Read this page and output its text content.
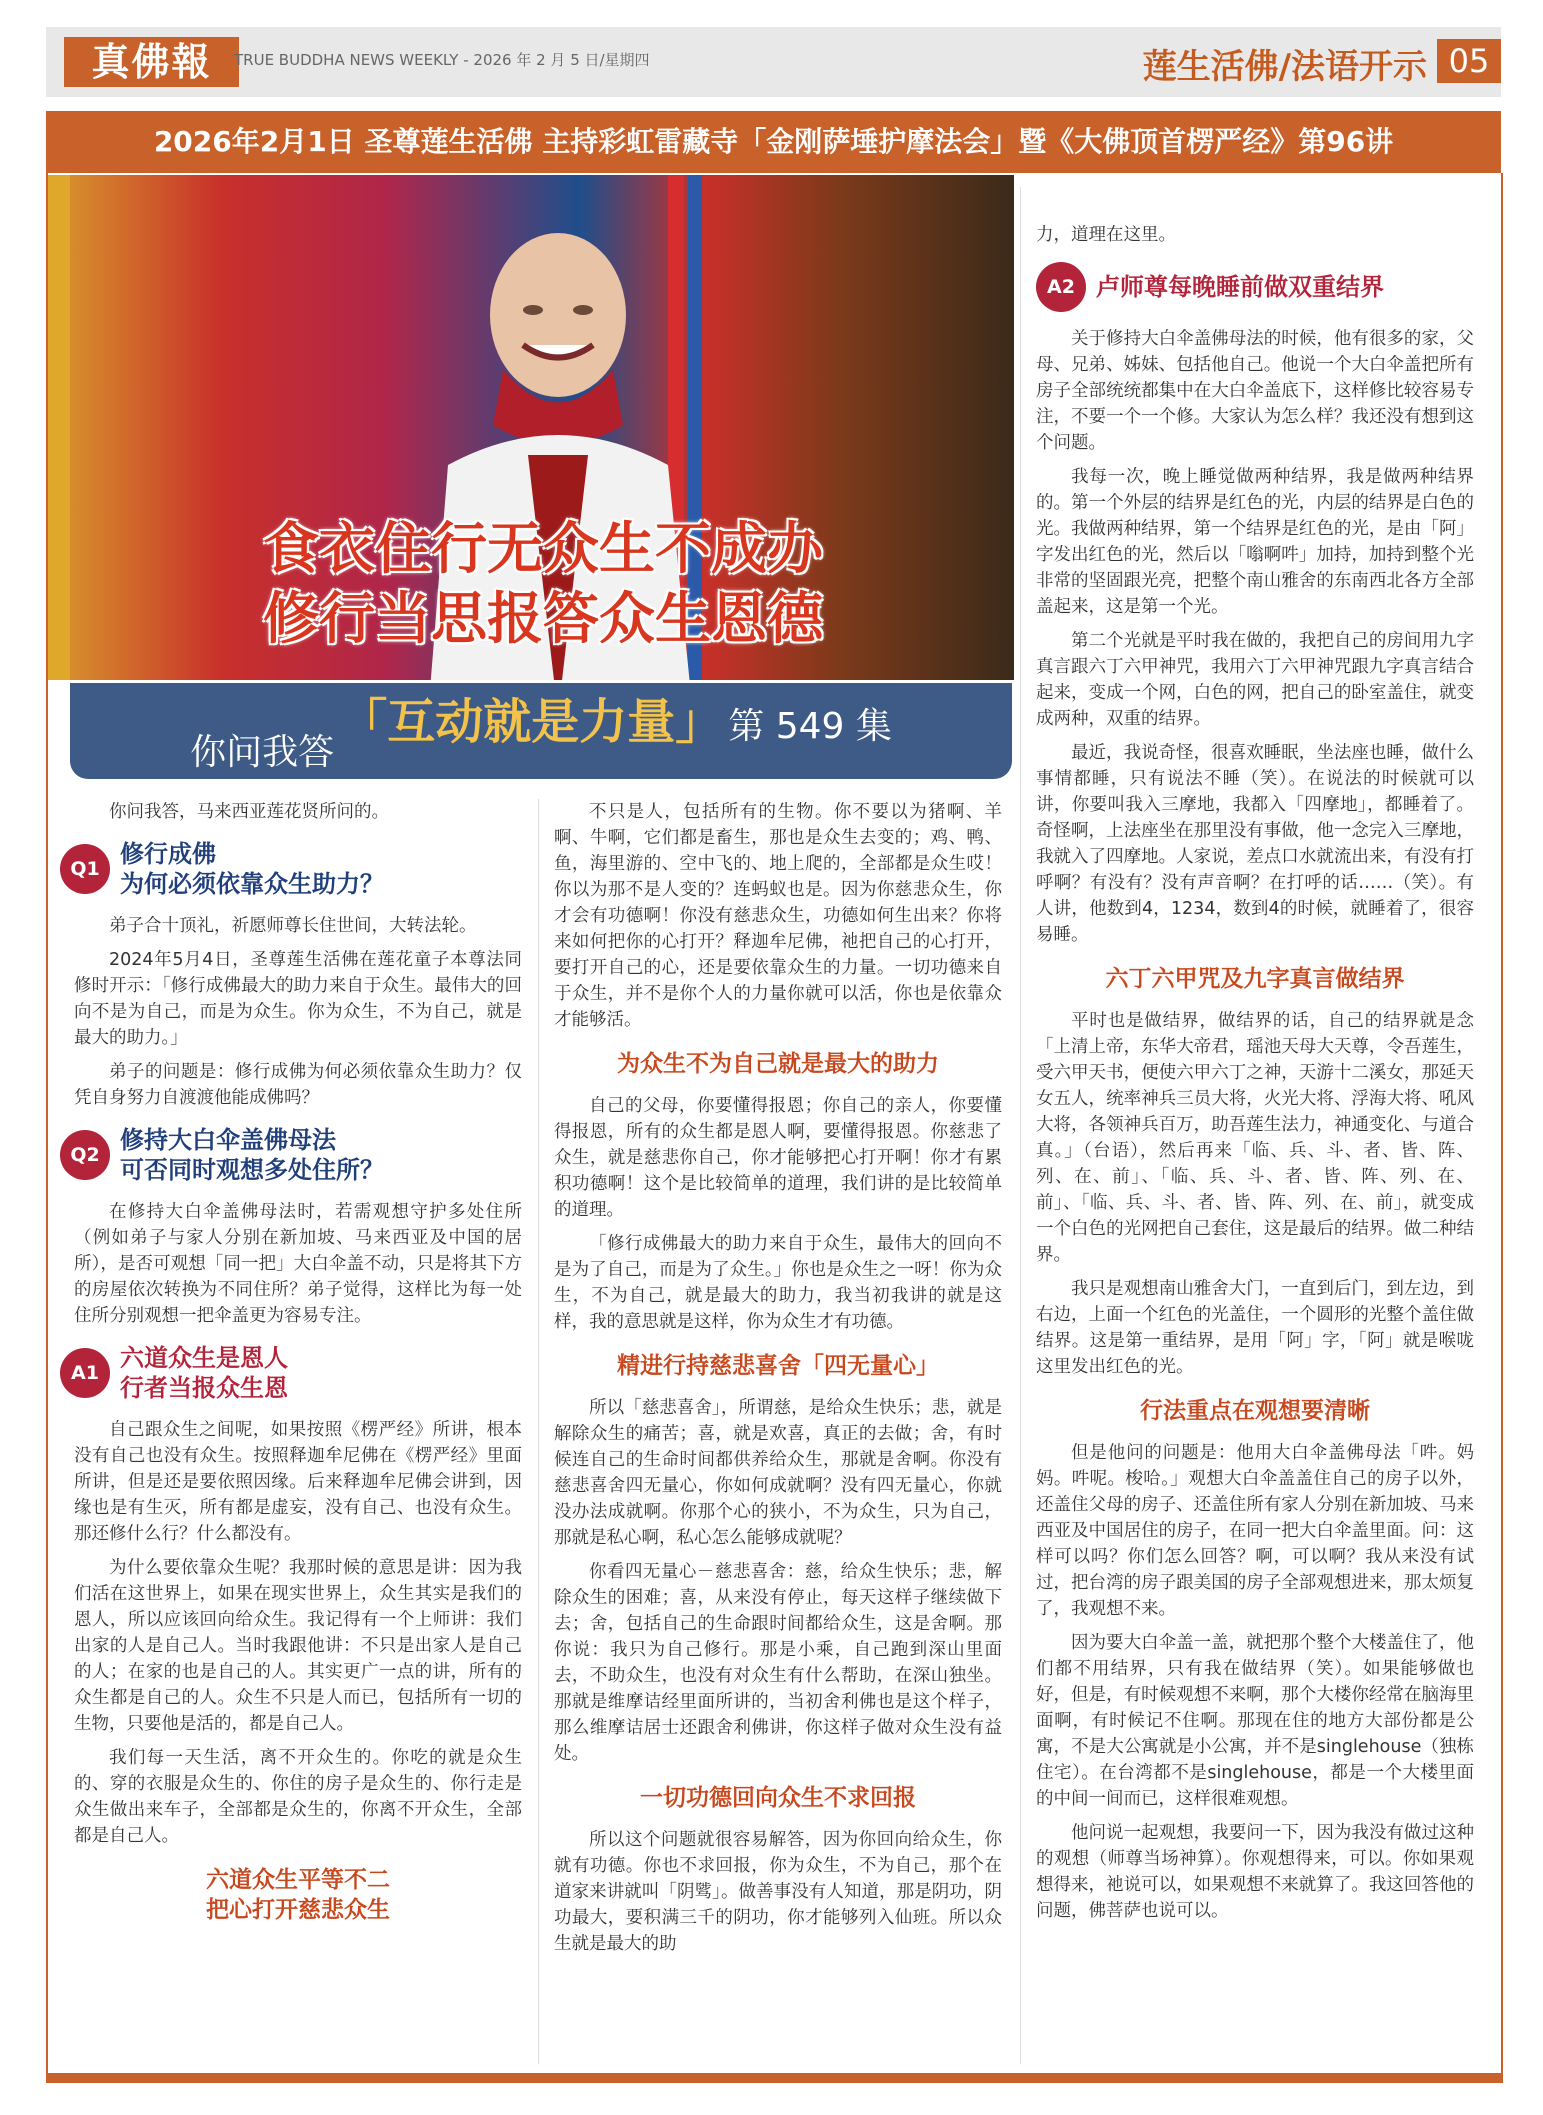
真佛報	TRUE BUDDHA NEWS WEEKLY - 2026 年 2 月 5 日/星期四	莲生活佛/法语开示 05
2026年2月1日 圣尊莲生活佛 主持彩虹雷藏寺「金刚萨埵护摩法会」暨《大佛顶首楞严经》第96讲
食衣住行无众生不成办
修行当思报答众生恩德
你问我答 「互动就是力量」 第 549 集

你问我答，马来西亚莲花贤所问的。

Q1
修行成佛
为何必须依靠众生助力？

弟子合十顶礼，祈愿师尊长住世间，大转法轮。

2024年5月4日，圣尊莲生活佛在莲花童子本尊法同修时开示：「修行成佛最大的助力来自于众生。最伟大的回向不是为自己，而是为众生。你为众生，不为自己，就是最大的助力。」

弟子的问题是：修行成佛为何必须依靠众生助力？仅凭自身努力自渡渡他能成佛吗？

Q2
修持大白伞盖佛母法
可否同时观想多处住所？

在修持大白伞盖佛母法时，若需观想守护多处住所（例如弟子与家人分别在新加坡、马来西亚及中国的居所），是否可观想「同一把」大白伞盖不动，只是将其下方的房屋依次转换为不同住所？弟子觉得，这样比为每一处住所分别观想一把伞盖更为容易专注。

A1
六道众生是恩人
行者当报众生恩

自己跟众生之间呢，如果按照《楞严经》所讲，根本没有自己也没有众生。按照释迦牟尼佛在《楞严经》里面所讲，但是还是要依照因缘。后来释迦牟尼佛会讲到，因缘也是有生灭，所有都是虚妄，没有自己、也没有众生。那还修什么行？什么都没有。

为什么要依靠众生呢？我那时候的意思是讲：因为我们活在这世界上，如果在现实世界上，众生其实是我们的恩人，所以应该回向给众生。我记得有一个上师讲：我们出家的人是自己人。当时我跟他讲：不只是出家人是自己的人；在家的也是自己的人。其实更广一点的讲，所有的众生都是自己的人。众生不只是人而已，包括所有一切的生物，只要他是活的，都是自己人。

我们每一天生活，离不开众生的。你吃的就是众生的、穿的衣服是众生的、你住的房子是众生的、你行走是众生做出来车子，全部都是众生的，你离不开众生，全部都是自己人。

六道众生平等不二
把心打开慈悲众生

不只是人，包括所有的生物。你不要以为猪啊、羊啊、牛啊，它们都是畜生，那也是众生去变的；鸡、鸭、鱼，海里游的、空中飞的、地上爬的，全部都是众生哎！你以为那不是人变的？连蚂蚁也是。因为你慈悲众生，你才会有功德啊！你没有慈悲众生，功德如何生出来？你将来如何把你的心打开？释迦牟尼佛，祂把自己的心打开，要打开自己的心，还是要依靠众生的力量。一切功德来自于众生，并不是你个人的力量你就可以活，你也是依靠众才能够活。

为众生不为自己就是最大的助力

自己的父母，你要懂得报恩；你自己的亲人，你要懂得报恩，所有的众生都是恩人啊，要懂得报恩。你慈悲了众生，就是慈悲你自己，你才能够把心打开啊！你才有累积功德啊！这个是比较简单的道理，我们讲的是比较简单的道理。

「修行成佛最大的助力来自于众生，最伟大的回向不是为了自己，而是为了众生。」你也是众生之一呀！你为众生，不为自己，就是最大的助力，我当初我讲的就是这样，我的意思就是这样，你为众生才有功德。

精进行持慈悲喜舍「四无量心」

所以「慈悲喜舍」，所谓慈，是给众生快乐；悲，就是解除众生的痛苦；喜，就是欢喜，真正的去做；舍，有时候连自己的生命时间都供养给众生，那就是舍啊。你没有慈悲喜舍四无量心，你如何成就啊？没有四无量心，你就没办法成就啊。你那个心的狭小，不为众生，只为自己，那就是私心啊，私心怎么能够成就呢？

你看四无量心－慈悲喜舍：慈，给众生快乐；悲，解除众生的困难；喜，从来没有停止，每天这样子继续做下去；舍，包括自己的生命跟时间都给众生，这是舍啊。那你说：我只为自己修行。那是小乘，自己跑到深山里面去，不助众生，也没有对众生有什么帮助，在深山独坐。那就是维摩诘经里面所讲的，当初舍利佛也是这个样子，那么维摩诘居士还跟舍利佛讲，你这样子做对众生没有益处。

一切功德回向众生不求回报

所以这个问题就很容易解答，因为你回向给众生，你就有功德。你也不求回报，你为众生，不为自己，那个在道家来讲就叫「阴骘」。做善事没有人知道，那是阴功，阴功最大，要积满三千的阴功，你才能够列入仙班。所以众生就是最大的助

力，道理在这里。

A2 卢师尊每晚睡前做双重结界

关于修持大白伞盖佛母法的时候，他有很多的家，父母、兄弟、姊妹、包括他自己。他说一个大白伞盖把所有房子全部统统都集中在大白伞盖底下，这样修比较容易专注，不要一个一个修。大家认为怎么样？我还没有想到这个问题。

我每一次，晚上睡觉做两种结界，我是做两种结界的。第一个外层的结界是红色的光，内层的结界是白色的光。我做两种结界，第一个结界是红色的光，是由「阿」字发出红色的光，然后以「嗡啊吽」加持，加持到整个光非常的坚固跟光亮，把整个南山雅舍的东南西北各方全部盖起来，这是第一个光。

第二个光就是平时我在做的，我把自己的房间用九字真言跟六丁六甲神咒，我用六丁六甲神咒跟九字真言结合起来，变成一个网，白色的网，把自己的卧室盖住，就变成两种，双重的结界。

最近，我说奇怪，很喜欢睡眠，坐法座也睡，做什么事情都睡，只有说法不睡（笑）。在说法的时候就可以讲，你要叫我入三摩地，我都入「四摩地」，都睡着了。奇怪啊，上法座坐在那里没有事做，他一念完入三摩地，我就入了四摩地。人家说，差点口水就流出来，有没有打呼啊？有没有？没有声音啊？在打呼的话……（笑）。有人讲，他数到4，1234，数到4的时候，就睡着了，很容易睡。

六丁六甲咒及九字真言做结界

平时也是做结界，做结界的话，自己的结界就是念「上清上帝，东华大帝君，瑶池天母大天尊，令吾莲生，受六甲天书，便使六甲六丁之神，天游十二溪女，那延天女五人，统率神兵三员大将，火光大将、浮海大将、吼风大将，各领神兵百万，助吾莲生法力，神通变化、与道合真。」（台语），然后再来「临、兵、斗、者、皆、阵、列、在、前」、「临、兵、斗、者、皆、阵、列、在、前」、「临、兵、斗、者、皆、阵、列、在、前」，就变成一个白色的光网把自己套住，这是最后的结界。做二种结界。

我只是观想南山雅舍大门，一直到后门，到左边，到右边，上面一个红色的光盖住，一个圆形的光整个盖住做结界。这是第一重结界，是用「阿」字，「阿」就是喉咙这里发出红色的光。

行法重点在观想要清晰

但是他问的问题是：他用大白伞盖佛母法「吽。妈妈。吽呢。梭哈。」观想大白伞盖盖住自己的房子以外，还盖住父母的房子、还盖住所有家人分别在新加坡、马来西亚及中国居住的房子，在同一把大白伞盖里面。问：这样可以吗？你们怎么回答？啊，可以啊？我从来没有试过，把台湾的房子跟美国的房子全部观想进来，那太烦复了，我观想不来。

因为要大白伞盖一盖，就把那个整个大楼盖住了，他们都不用结界，只有我在做结界（笑）。如果能够做也好，但是，有时候观想不来啊，那个大楼你经常在脑海里面啊，有时候记不住啊。那现在住的地方大部份都是公寓，不是大公寓就是小公寓，并不是singlehouse（独栋住宅）。在台湾都不是singlehouse，都是一个大楼里面的中间一间而已，这样很难观想。

他问说一起观想，我要问一下，因为我没有做过这种的观想（师尊当场神算）。你观想得来，可以。你如果观想得来，祂说可以，如果观想不来就算了。我这回答他的问题，佛菩萨也说可以。
